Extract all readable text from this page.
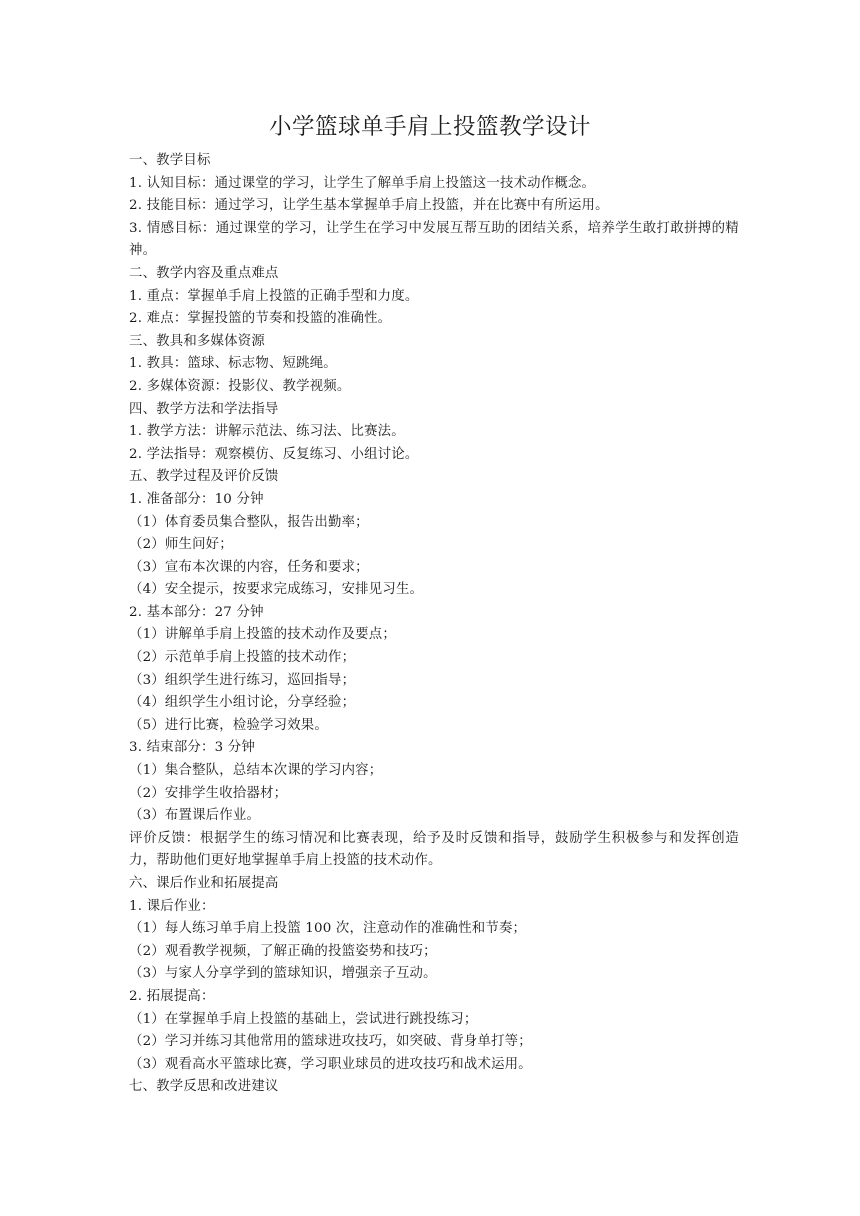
小学篮球单手肩上投篮教学设计
一、教学目标
1. 认知目标：通过课堂的学习，让学生了解单手肩上投篮这一技术动作概念。
2. 技能目标：通过学习，让学生基本掌握单手肩上投篮，并在比赛中有所运用。
3. 情感目标：通过课堂的学习，让学生在学习中发展互帮互助的团结关系，培养学生敢打敢拼搏的精神。
二、教学内容及重点难点
1. 重点：掌握单手肩上投篮的正确手型和力度。
2. 难点：掌握投篮的节奏和投篮的准确性。
三、教具和多媒体资源
1. 教具：篮球、标志物、短跳绳。
2. 多媒体资源：投影仪、教学视频。
四、教学方法和学法指导
1. 教学方法：讲解示范法、练习法、比赛法。
2. 学法指导：观察模仿、反复练习、小组讨论。
五、教学过程及评价反馈
1. 准备部分：10 分钟
（1）体育委员集合整队，报告出勤率；
（2）师生问好；
（3）宣布本次课的内容，任务和要求；
（4）安全提示，按要求完成练习，安排见习生。
2. 基本部分：27 分钟
（1）讲解单手肩上投篮的技术动作及要点；
（2）示范单手肩上投篮的技术动作；
（3）组织学生进行练习，巡回指导；
（4）组织学生小组讨论，分享经验；
（5）进行比赛，检验学习效果。
3. 结束部分：3 分钟
（1）集合整队，总结本次课的学习内容；
（2）安排学生收拾器材；
（3）布置课后作业。
评价反馈：根据学生的练习情况和比赛表现，给予及时反馈和指导，鼓励学生积极参与和发挥创造力，帮助他们更好地掌握单手肩上投篮的技术动作。
六、课后作业和拓展提高
1. 课后作业：
（1）每人练习单手肩上投篮 100 次，注意动作的准确性和节奏；
（2）观看教学视频，了解正确的投篮姿势和技巧；
（3）与家人分享学到的篮球知识，增强亲子互动。
2. 拓展提高：
（1）在掌握单手肩上投篮的基础上，尝试进行跳投练习；
（2）学习并练习其他常用的篮球进攻技巧，如突破、背身单打等；
（3）观看高水平篮球比赛，学习职业球员的进攻技巧和战术运用。
七、教学反思和改进建议
